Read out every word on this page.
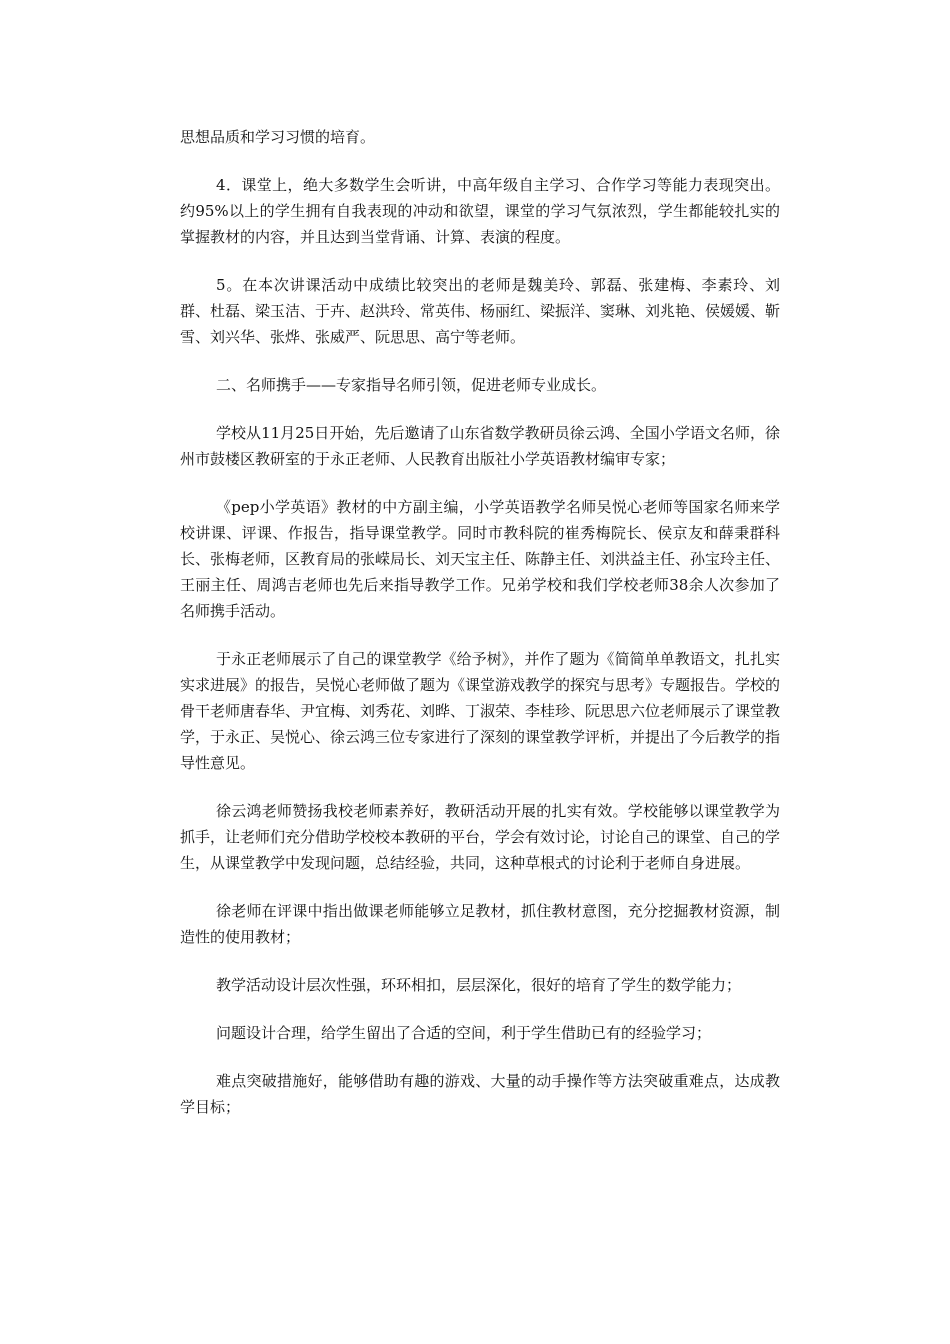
思想品质和学习习惯的培育。

4．课堂上，绝大多数学生会听讲，中高年级自主学习、合作学习等能力表现突出。约95%以上的学生拥有自我表现的冲动和欲望，课堂的学习气氛浓烈，学生都能较扎实的掌握教材的内容，并且达到当堂背诵、计算、表演的程度。

5。在本次讲课活动中成绩比较突出的老师是魏美玲、郭磊、张建梅、李素玲、刘群、杜磊、梁玉洁、于卉、赵洪玲、常英伟、杨丽红、梁振洋、窦琳、刘兆艳、侯媛媛、靳雪、刘兴华、张烨、张威严、阮思思、高宁等老师。

二、名师携手——专家指导名师引领，促进老师专业成长。

学校从11月25日开始，先后邀请了山东省数学教研员徐云鸿、全国小学语文名师，徐州市鼓楼区教研室的于永正老师、人民教育出版社小学英语教材编审专家；

《pep小学英语》教材的中方副主编，小学英语教学名师吴悦心老师等国家名师来学校讲课、评课、作报告，指导课堂教学。同时市教科院的崔秀梅院长、侯京友和薛秉群科长、张梅老师，区教育局的张嵘局长、刘天宝主任、陈静主任、刘洪益主任、孙宝玲主任、王丽主任、周鸿吉老师也先后来指导教学工作。兄弟学校和我们学校老师38余人次参加了名师携手活动。

于永正老师展示了自己的课堂教学《给予树》，并作了题为《简简单单教语文，扎扎实实求进展》的报告，吴悦心老师做了题为《课堂游戏教学的探究与思考》专题报告。学校的骨干老师唐春华、尹宜梅、刘秀花、刘晔、丁淑荣、李桂珍、阮思思六位老师展示了课堂教学，于永正、吴悦心、徐云鸿三位专家进行了深刻的课堂教学评析，并提出了今后教学的指导性意见。

徐云鸿老师赞扬我校老师素养好，教研活动开展的扎实有效。学校能够以课堂教学为抓手，让老师们充分借助学校校本教研的平台，学会有效讨论，讨论自己的课堂、自己的学生，从课堂教学中发现问题，总结经验，共同，这种草根式的讨论利于老师自身进展。

徐老师在评课中指出做课老师能够立足教材，抓住教材意图，充分挖掘教材资源，制造性的使用教材；

教学活动设计层次性强，环环相扣，层层深化，很好的培育了学生的数学能力；

问题设计合理，给学生留出了合适的空间，利于学生借助已有的经验学习；

难点突破措施好，能够借助有趣的游戏、大量的动手操作等方法突破重难点，达成教学目标；
